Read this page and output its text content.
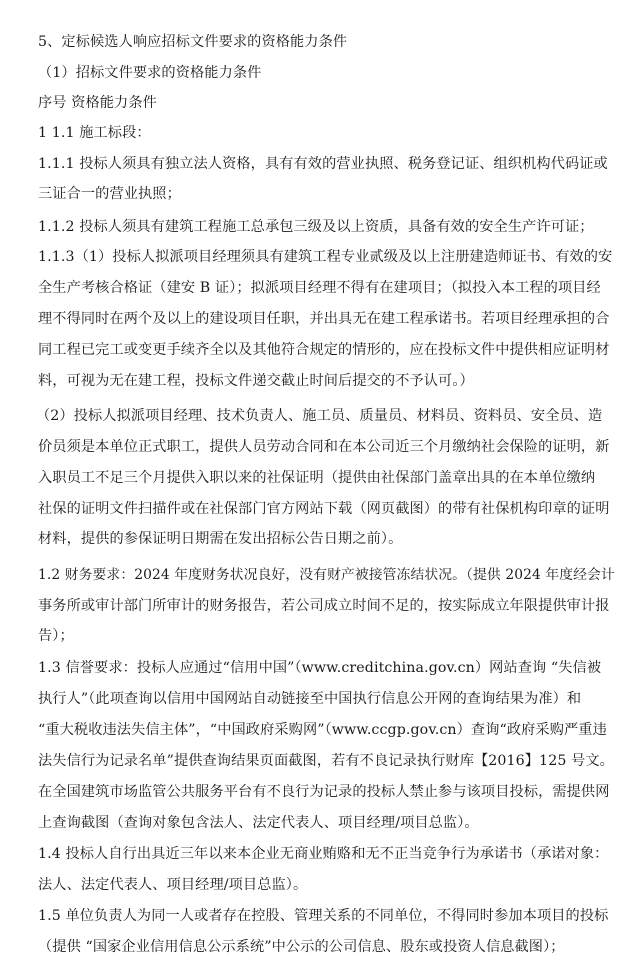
5、定标候选人响应招标文件要求的资格能力条件
（1）招标文件要求的资格能力条件
序号 资格能力条件
1 1.1 施工标段：
1.1.1 投标人须具有独立法人资格，具有有效的营业执照、税务登记证、组织机构代码证或
三证合一的营业执照；
1.1.2 投标人须具有建筑工程施工总承包三级及以上资质，具备有效的安全生产许可证；
1.1.3（1）投标人拟派项目经理须具有建筑工程专业贰级及以上注册建造师证书、有效的安
全生产考核合格证（建安 B 证）；拟派项目经理不得有在建项目；（拟投入本工程的项目经
理不得同时在两个及以上的建设项目任职，并出具无在建工程承诺书。若项目经理承担的合
同工程已完工或变更手续齐全以及其他符合规定的情形的，应在投标文件中提供相应证明材
料，可视为无在建工程，投标文件递交截止时间后提交的不予认可。）
（2）投标人拟派项目经理、技术负责人、施工员、质量员、材料员、资料员、安全员、造
价员须是本单位正式职工，提供人员劳动合同和在本公司近三个月缴纳社会保险的证明，新
入职员工不足三个月提供入职以来的社保证明（提供由社保部门盖章出具的在本单位缴纳
社保的证明文件扫描件或在社保部门官方网站下载（网页截图）的带有社保机构印章的证明
材料，提供的参保证明日期需在发出招标公告日期之前）。
1.2 财务要求：2024 年度财务状况良好，没有财产被接管冻结状况。（提供 2024 年度经会计
事务所或审计部门所审计的财务报告，若公司成立时间不足的，按实际成立年限提供审计报
告）；
1.3 信誉要求：投标人应通过“信用中国”（www.creditchina.gov.cn）网站查询 “失信被
执行人”（此项查询以信用中国网站自动链接至中国执行信息公开网的查询结果为准）和
“重大税收违法失信主体”，“中国政府采购网”（www.ccgp.gov.cn）查询“政府采购严重违
法失信行为记录名单”提供查询结果页面截图，若有不良记录执行财库【2016】125 号文。
在全国建筑市场监管公共服务平台有不良行为记录的投标人禁止参与该项目投标，需提供网
上查询截图（查询对象包含法人、法定代表人、项目经理/项目总监）。
1.4 投标人自行出具近三年以来本企业无商业贿赂和无不正当竞争行为承诺书（承诺对象：
法人、法定代表人、项目经理/项目总监）。
1.5 单位负责人为同一人或者存在控股、管理关系的不同单位，不得同时参加本项目的投标
（提供 “国家企业信用信息公示系统”中公示的公司信息、股东或投资人信息截图）；
